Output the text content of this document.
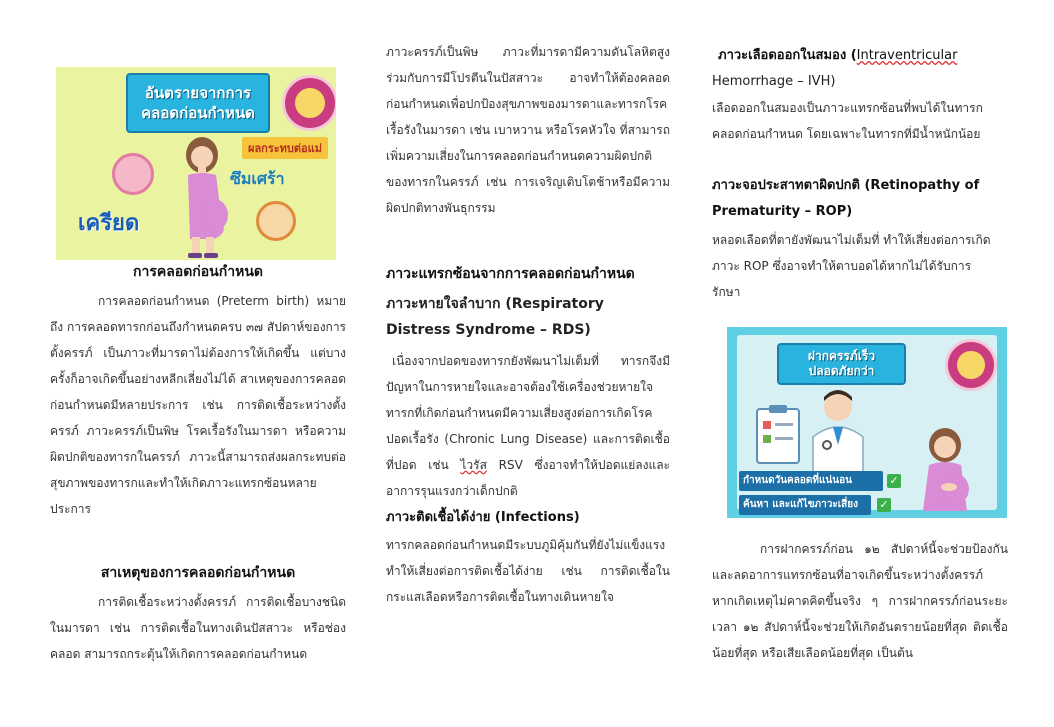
อันตรายจากการ
คลอดก่อนกำหนด
ผลกระทบต่อแม่
ซึมเศร้า
เครียด
การคลอดก่อนกำหนด
การคลอดก่อนกำหนด (Preterm birth) หมายถึง การคลอดทารกก่อนถึงกำหนดครบ ๓๗ สัปดาห์ของการตั้งครรภ์ เป็นภาวะที่มารดาไม่ต้องการให้เกิดขึ้น แต่บางครั้งก็อาจเกิดขึ้นอย่างหลีกเลี่ยงไม่ได้ สาเหตุของการคลอดก่อนกำหนดมีหลายประการ เช่น การติดเชื้อระหว่างตั้งครรภ์ ภาวะครรภ์เป็นพิษ โรคเรื้อรังในมารดา หรือความผิดปกติของทารกในครรภ์ ภาวะนี้สามารถส่งผลกระทบต่อสุขภาพของทารกและทำให้เกิดภาวะแทรกซ้อนหลายประการ
สาเหตุของการคลอดก่อนกำหนด
การติดเชื้อระหว่างตั้งครรภ์ การติดเชื้อบางชนิดในมารดา เช่น การติดเชื้อในทางเดินปัสสาวะ หรือช่องคลอด สามารถกระตุ้นให้เกิดการคลอดก่อนกำหนด
ภาวะครรภ์เป็นพิษ ภาวะที่มารดามีความดันโลหิตสูงร่วมกับการมีโปรตีนในปัสสาวะ อาจทำให้ต้องคลอดก่อนกำหนดเพื่อปกป้องสุขภาพของมารดาและทารกโรคเรื้อรังในมารดา เช่น เบาหวาน หรือโรคหัวใจ ที่สามารถเพิ่มความเสี่ยงในการคลอดก่อนกำหนดความผิดปกติของทารกในครรภ์ เช่น การเจริญเติบโตช้าหรือมีความผิดปกติทางพันธุกรรม
ภาวะแทรกซ้อนจากการคลอดก่อนกำหนด
ภาวะหายใจลำบาก (Respiratory Distress Syndrome – RDS)
เนื่องจากปอดของทารกยังพัฒนาไม่เต็มที่ ทารกจึงมีปัญหาในการหายใจและอาจต้องใช้เครื่องช่วยหายใจ ทารกที่เกิดก่อนกำหนดมีความเสี่ยงสูงต่อการเกิดโรคปอดเรื้อรัง (Chronic Lung Disease) และการติดเชื้อที่ปอด เช่น ไวรัส RSV ซึ่งอาจทำให้ปอดแย่ลงและอาการรุนแรงกว่าเด็กปกติ
ภาวะติดเชื้อได้ง่าย (Infections)
ทารกคลอดก่อนกำหนดมีระบบภูมิคุ้มกันที่ยังไม่แข็งแรง ทำให้เสี่ยงต่อการติดเชื้อได้ง่าย เช่น การติดเชื้อในกระแสเลือดหรือการติดเชื้อในทางเดินหายใจ
ภาวะเลือดออกในสมอง (Intraventricular
Hemorrhage – IVH)
เลือดออกในสมองเป็นภาวะแทรกซ้อนที่พบได้ในทารกคลอดก่อนกำหนด โดยเฉพาะในทารกที่มีน้ำหนักน้อย
ภาวะจอประสาทตาผิดปกติ (Retinopathy of Prematurity – ROP)
หลอดเลือดที่ตายังพัฒนาไม่เต็มที่ ทำให้เสี่ยงต่อการเกิดภาวะ ROP ซึ่งอาจทำให้ตาบอดได้หากไม่ได้รับการรักษา
การฝากครรภ์ก่อน ๑๒ สัปดาห์นี้จะช่วยป้องกันและลดอาการแทรกซ้อนที่อาจเกิดขึ้นระหว่างตั้งครรภ์ หากเกิดเหตุไม่คาดคิดขึ้นจริง ๆ การฝากครรภ์ก่อนระยะเวลา ๑๒ สัปดาห์นี้จะช่วยให้เกิดอันตรายน้อยที่สุด ติดเชื้อน้อยที่สุด หรือเสียเลือดน้อยที่สุด เป็นต้น
ฝากครรภ์เร็ว
ปลอดภัยกว่า
กำหนดวันคลอดที่แน่นอน	✓
ค้นหา และแก้ไขภาวะเสี่ยง	✓
